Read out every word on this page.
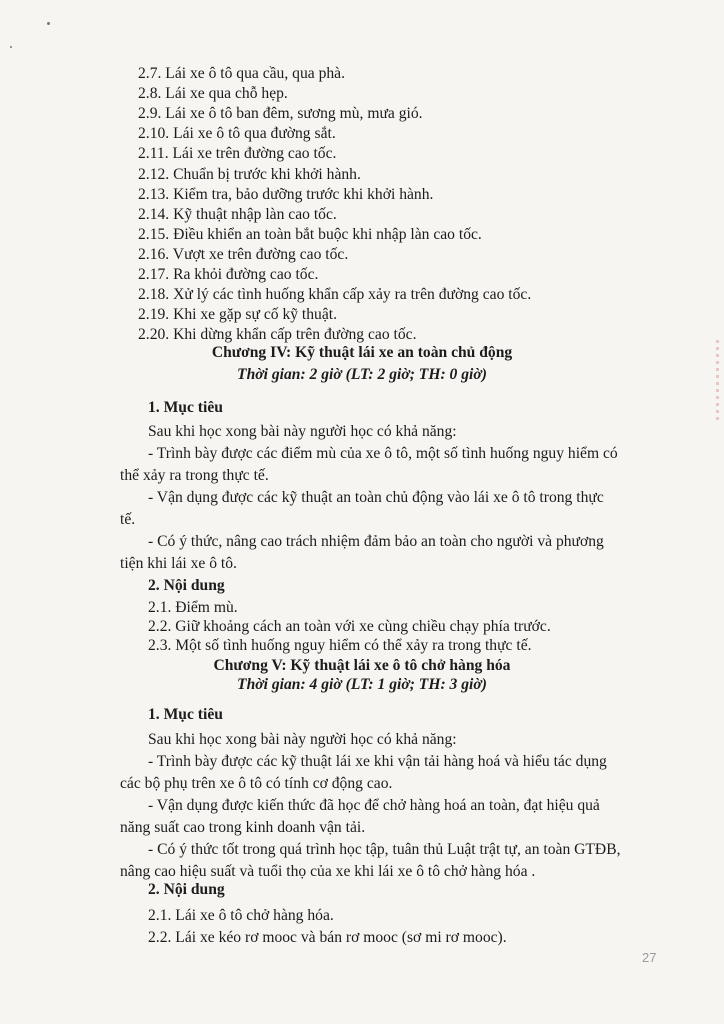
2.7. Lái xe ô tô qua cầu, qua phà.

2.8. Lái xe qua chỗ hẹp.

2.9. Lái xe ô tô ban đêm, sương mù, mưa gió.

2.10. Lái xe ô tô qua đường sắt.

2.11. Lái xe trên đường cao tốc.

2.12. Chuẩn bị trước khi khởi hành.

2.13. Kiểm tra, bảo dưỡng trước khi khởi hành.

2.14. Kỹ thuật nhập làn cao tốc.

2.15. Điều khiển an toàn bắt buộc khi nhập làn cao tốc.

2.16. Vượt xe trên đường cao tốc.

2.17. Ra khỏi đường cao tốc.

2.18. Xử lý các tình huống khẩn cấp xảy ra trên đường cao tốc.

2.19. Khi xe gặp sự cố kỹ thuật.

2.20. Khi dừng khẩn cấp trên đường cao tốc.

Chương IV: Kỹ thuật lái xe an toàn chủ động

Thời gian: 2 giờ (LT: 2 giờ; TH: 0 giờ)

1. Mục tiêu

Sau khi học xong bài này người học có khả năng:

- Trình bày được các điểm mù của xe ô tô, một số tình huống nguy hiểm có

thể xảy ra trong thực tế.

- Vận dụng được các kỹ thuật an toàn chủ động vào lái xe ô tô trong thực

tế.

- Có ý thức, nâng cao trách nhiệm đảm bảo an toàn cho người và phương

tiện khi lái xe ô tô.

2. Nội dung

2.1. Điểm mù.

2.2. Giữ khoảng cách an toàn với xe cùng chiều chạy phía trước.

2.3. Một số tình huống nguy hiểm có thể xảy ra trong thực tế.

Chương V: Kỹ thuật lái xe ô tô chở hàng hóa

Thời gian: 4 giờ (LT: 1 giờ; TH: 3 giờ)

1. Mục tiêu

Sau khi học xong bài này người học có khả năng:

- Trình bày được các kỹ thuật lái xe khi vận tải hàng hoá và hiểu tác dụng

các bộ phụ trên xe ô tô có tính cơ động cao.

- Vận dụng được kiến thức đã học để chở hàng hoá an toàn, đạt hiệu quả

năng suất cao trong kinh doanh vận tải.

- Có ý thức tốt trong quá trình học tập, tuân thủ Luật trật tự, an toàn GTĐB,

nâng cao hiệu suất và tuổi thọ của xe khi lái xe ô tô chở hàng hóa .

2. Nội dung

2.1. Lái xe ô tô chở hàng hóa.

2.2. Lái xe kéo rơ mooc và bán rơ mooc (sơ mi rơ mooc).

27
